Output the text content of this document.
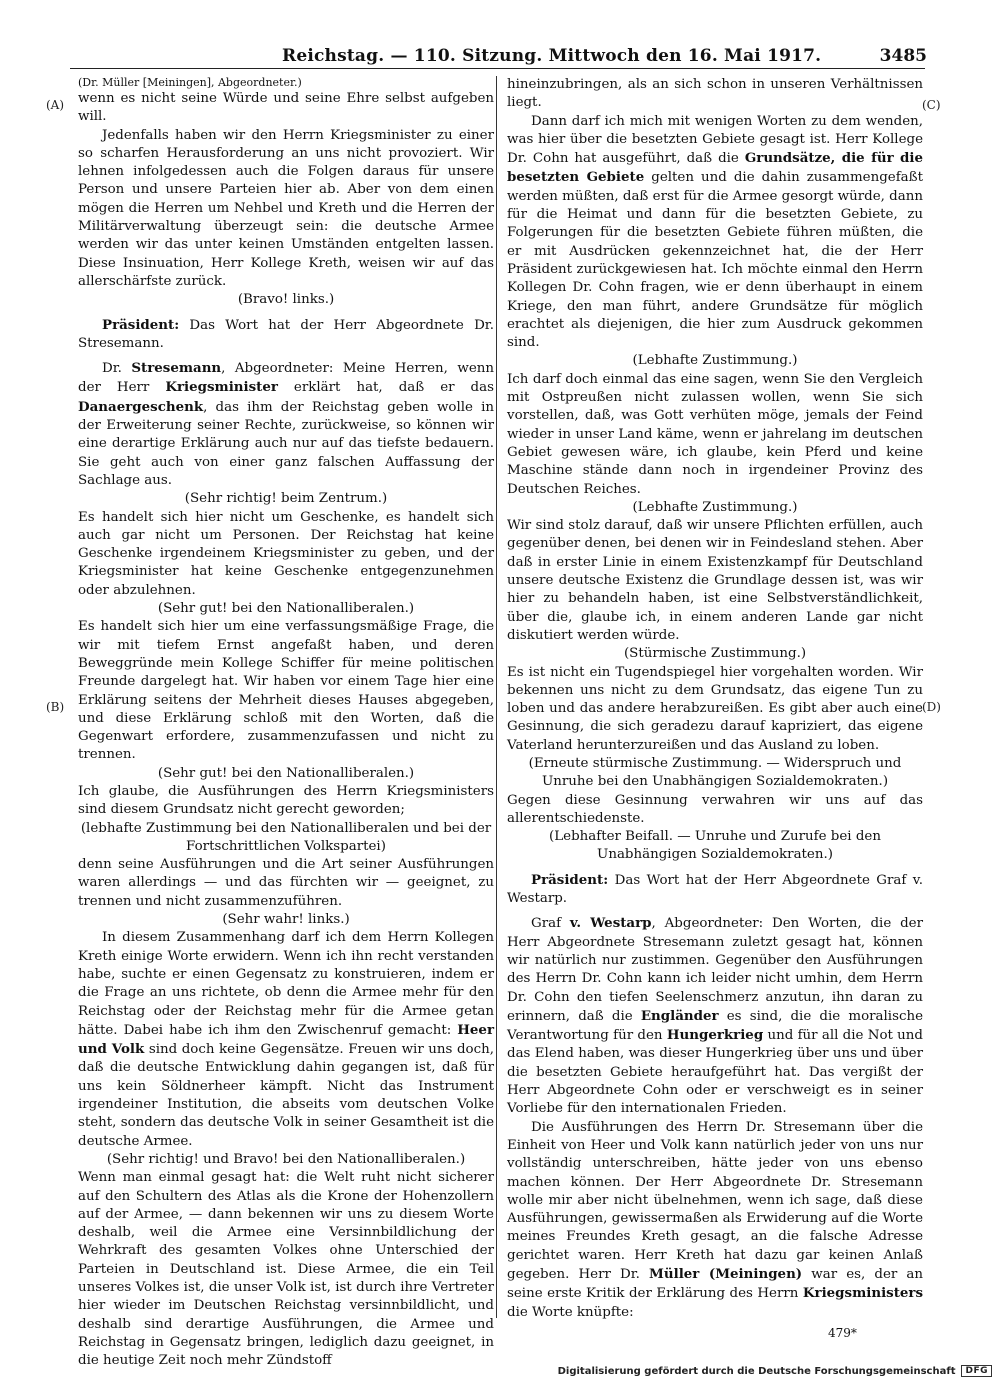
Reichstag. — 110. Sitzung. Mittwoch den 16. Mai 1917.	3485
(A)
(B)
(C)
(D)

(Dr. Müller [Meiningen], Abgeordneter.)

wenn es nicht seine Würde und seine Ehre selbst aufgeben will.

Jedenfalls haben wir den Herrn Kriegsminister zu einer so scharfen Herausforderung an uns nicht provoziert. Wir lehnen infolgedessen auch die Folgen daraus für unsere Person und unsere Parteien hier ab. Aber von dem einen mögen die Herren um Nehbel und Kreth und die Herren der Militärverwaltung überzeugt sein: die deutsche Armee werden wir das unter keinen Umständen entgelten lassen. Diese Insinuation, Herr Kollege Kreth, weisen wir auf das allerschärfste zurück.

(Bravo! links.)

Präsident: Das Wort hat der Herr Abgeordnete Dr. Stresemann.

Dr. Stresemann, Abgeordneter: Meine Herren, wenn der Herr Kriegsminister erklärt hat, daß er das Danaergeschenk, das ihm der Reichstag geben wolle in der Erweiterung seiner Rechte, zurückweise, so können wir eine derartige Erklärung auch nur auf das tiefste bedauern. Sie geht auch von einer ganz falschen Auffassung der Sachlage aus.

(Sehr richtig! beim Zentrum.)

Es handelt sich hier nicht um Geschenke, es handelt sich auch gar nicht um Personen. Der Reichstag hat keine Geschenke irgendeinem Kriegsminister zu geben, und der Kriegsminister hat keine Geschenke entgegenzunehmen oder abzulehnen.

(Sehr gut! bei den Nationalliberalen.)

Es handelt sich hier um eine verfassungsmäßige Frage, die wir mit tiefem Ernst angefaßt haben, und deren Beweggründe mein Kollege Schiffer für meine politischen Freunde dargelegt hat. Wir haben vor einem Tage hier eine Erklärung seitens der Mehrheit dieses Hauses abgegeben, und diese Erklärung schloß mit den Worten, daß die Gegenwart erfordere, zusammenzufassen und nicht zu trennen.

(Sehr gut! bei den Nationalliberalen.)

Ich glaube, die Ausführungen des Herrn Kriegsministers sind diesem Grundsatz nicht gerecht geworden;

(lebhafte Zustimmung bei den Nationalliberalen und bei der Fortschrittlichen Volkspartei)

denn seine Ausführungen und die Art seiner Ausführungen waren allerdings — und das fürchten wir — geeignet, zu trennen und nicht zusammenzuführen.

(Sehr wahr! links.)

In diesem Zusammenhang darf ich dem Herrn Kollegen Kreth einige Worte erwidern. Wenn ich ihn recht verstanden habe, suchte er einen Gegensatz zu konstruieren, indem er die Frage an uns richtete, ob denn die Armee mehr für den Reichstag oder der Reichstag mehr für die Armee getan hätte. Dabei habe ich ihm den Zwischenruf gemacht: Heer und Volk sind doch keine Gegensätze. Freuen wir uns doch, daß die deutsche Entwicklung dahin gegangen ist, daß für uns kein Söldnerheer kämpft. Nicht das Instrument irgendeiner Institution, die abseits vom deutschen Volke steht, sondern das deutsche Volk in seiner Gesamtheit ist die deutsche Armee.

(Sehr richtig! und Bravo! bei den Nationalliberalen.)

Wenn man einmal gesagt hat: die Welt ruht nicht sicherer auf den Schultern des Atlas als die Krone der Hohenzollern auf der Armee, — dann bekennen wir uns zu diesem Worte deshalb, weil die Armee eine Versinnbildlichung der Wehrkraft des gesamten Volkes ohne Unterschied der Parteien in Deutschland ist. Diese Armee, die ein Teil unseres Volkes ist, die unser Volk ist, ist durch ihre Vertreter hier wieder im Deutschen Reichstag versinnbildlicht, und deshalb sind derartige Ausführungen, die Armee und Reichstag in Gegensatz bringen, lediglich dazu geeignet, in die heutige Zeit noch mehr Zündstoff

hineinzubringen, als an sich schon in unseren Verhältnissen liegt.

Dann darf ich mich mit wenigen Worten zu dem wenden, was hier über die besetzten Gebiete gesagt ist. Herr Kollege Dr. Cohn hat ausgeführt, daß die Grundsätze, die für die besetzten Gebiete gelten und die dahin zusammengefaßt werden müßten, daß erst für die Armee gesorgt würde, dann für die Heimat und dann für die besetzten Gebiete, zu Folgerungen für die besetzten Gebiete führen müßten, die er mit Ausdrücken gekennzeichnet hat, die der Herr Präsident zurückgewiesen hat. Ich möchte einmal den Herrn Kollegen Dr. Cohn fragen, wie er denn überhaupt in einem Kriege, den man führt, andere Grundsätze für möglich erachtet als diejenigen, die hier zum Ausdruck gekommen sind.

(Lebhafte Zustimmung.)

Ich darf doch einmal das eine sagen, wenn Sie den Vergleich mit Ostpreußen nicht zulassen wollen, wenn Sie sich vorstellen, daß, was Gott verhüten möge, jemals der Feind wieder in unser Land käme, wenn er jahrelang im deutschen Gebiet gewesen wäre, ich glaube, kein Pferd und keine Maschine stände dann noch in irgendeiner Provinz des Deutschen Reiches.

(Lebhafte Zustimmung.)

Wir sind stolz darauf, daß wir unsere Pflichten erfüllen, auch gegenüber denen, bei denen wir in Feindesland stehen. Aber daß in erster Linie in einem Existenzkampf für Deutschland unsere deutsche Existenz die Grundlage dessen ist, was wir hier zu behandeln haben, ist eine Selbstverständlichkeit, über die, glaube ich, in einem anderen Lande gar nicht diskutiert werden würde.

(Stürmische Zustimmung.)

Es ist nicht ein Tugendspiegel hier vorgehalten worden. Wir bekennen uns nicht zu dem Grundsatz, das eigene Tun zu loben und das andere herabzureißen. Es gibt aber auch eine Gesinnung, die sich geradezu darauf kapriziert, das eigene Vaterland herunterzureißen und das Ausland zu loben.

(Erneute stürmische Zustimmung. — Widerspruch und Unruhe bei den Unabhängigen Sozialdemokraten.)

Gegen diese Gesinnung verwahren wir uns auf das allerentschiedenste.

(Lebhafter Beifall. — Unruhe und Zurufe bei den Unabhängigen Sozialdemokraten.)

Präsident: Das Wort hat der Herr Abgeordnete Graf v. Westarp.

Graf v. Westarp, Abgeordneter: Den Worten, die der Herr Abgeordnete Stresemann zuletzt gesagt hat, können wir natürlich nur zustimmen. Gegenüber den Ausführungen des Herrn Dr. Cohn kann ich leider nicht umhin, dem Herrn Dr. Cohn den tiefen Seelenschmerz anzutun, ihn daran zu erinnern, daß die Engländer es sind, die die moralische Verantwortung für den Hungerkrieg und für all die Not und das Elend haben, was dieser Hungerkrieg über uns und über die besetzten Gebiete heraufgeführt hat. Das vergißt der Herr Abgeordnete Cohn oder er verschweigt es in seiner Vorliebe für den internationalen Frieden.

Die Ausführungen des Herrn Dr. Stresemann über die Einheit von Heer und Volk kann natürlich jeder von uns nur vollständig unterschreiben, hätte jeder von uns ebenso machen können. Der Herr Abgeordnete Dr. Stresemann wolle mir aber nicht übelnehmen, wenn ich sage, daß diese Ausführungen, gewissermaßen als Erwiderung auf die Worte meines Freundes Kreth gesagt, an die falsche Adresse gerichtet waren. Herr Kreth hat dazu gar keinen Anlaß gegeben. Herr Dr. Müller (Meiningen) war es, der an seine erste Kritik der Erklärung des Herrn Kriegsministers die Worte knüpfte:

479*
Digitalisierung gefördert durch die Deutsche Forschungsgemeinschaft	DFG
